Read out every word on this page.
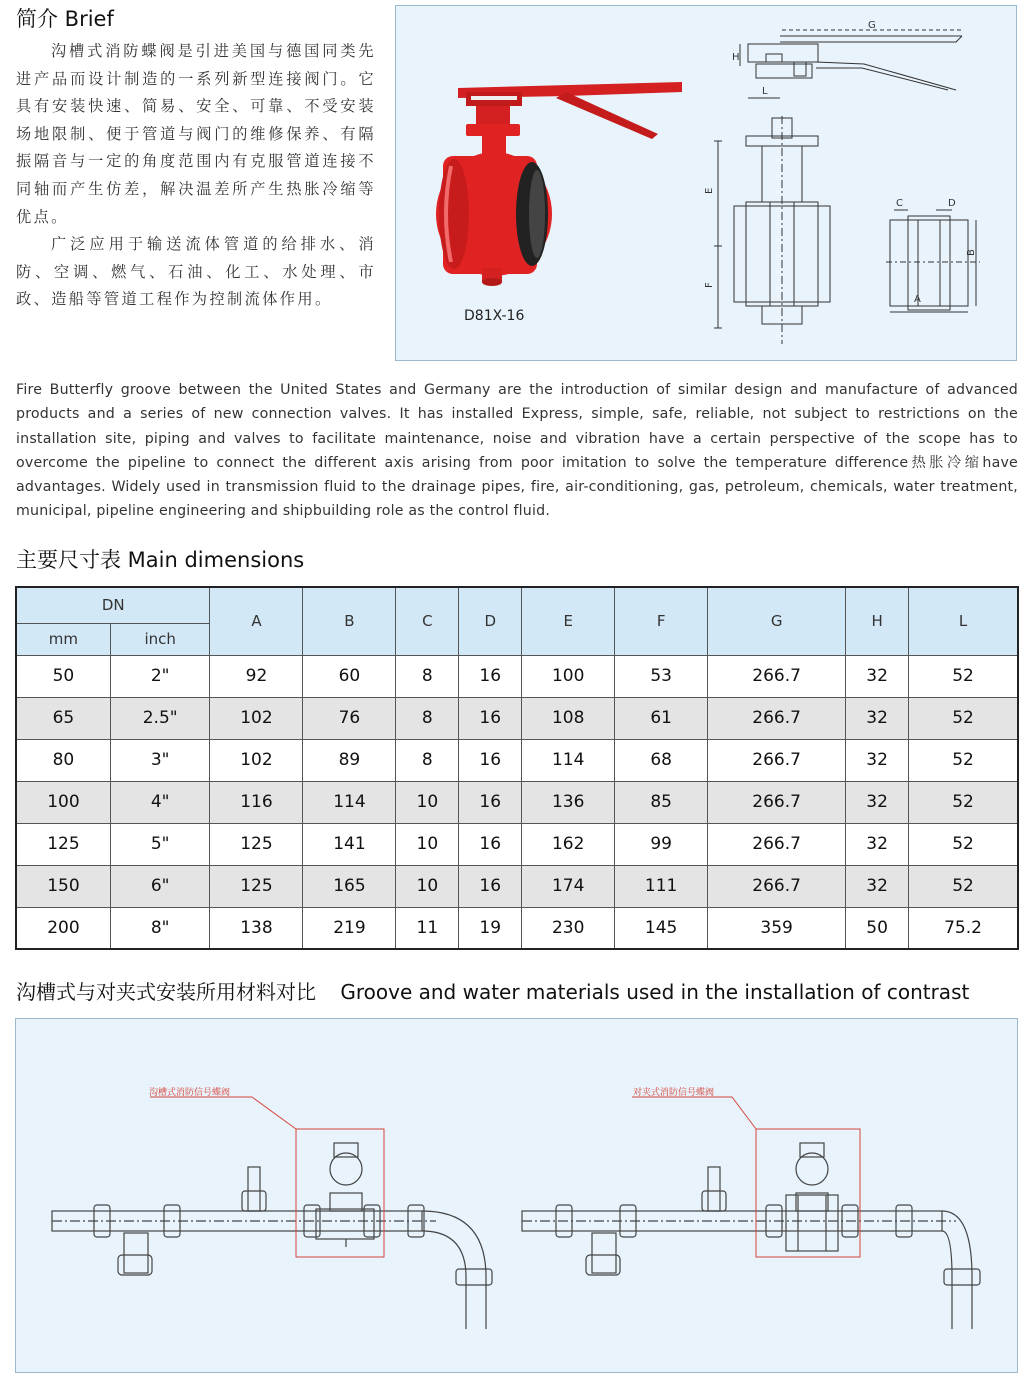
简介 Brief

沟槽式消防蝶阀是引进美国与德国同类先进产品而设计制造的一系列新型连接阀门。它具有安装快速、简易、安全、可靠、不受安装场地限制、便于管道与阀门的维修保养、有隔振隔音与一定的角度范围内有克服管道连接不同轴而产生仿差，解决温差所产生热胀冷缩等优点。

广泛应用于输送流体管道的给排水、消防、空调、燃气、石油、化工、水处理、市政、造船等管道工程作为控制流体作用。

G
H
L
E
F
C	D
B
A
D81X-16
Fire Butterfly groove between the United States and Germany are the introduction of similar design and manufacture of advanced products and a series of new connection valves. It has installed Express, simple, safe, reliable, not subject to restrictions on the installation site, piping and valves to facilitate maintenance, noise and vibration have a certain perspective of the scope has to overcome the pipeline to connect the different axis arising from poor imitation to solve the temperature difference热胀冷缩have advantages. Widely used in transmission fluid to the drainage pipes, fire, air-conditioning, gas, petroleum, chemicals, water treatment, municipal, pipeline engineering and shipbuilding role as the control fluid.
主要尺寸表 Main dimensions
DN		A	B	C	D	E	F	G	H	L
mm	inch									
50	2"	92	60	8	16	100	53	266.7	32	52
65	2.5"	102	76	8	16	108	61	266.7	32	52
80	3"	102	89	8	16	114	68	266.7	32	52
100	4"	116	114	10	16	136	85	266.7	32	52
125	5"	125	141	10	16	162	99	266.7	32	52
150	6"	125	165	10	16	174	111	266.7	32	52
200	8"	138	219	11	19	230	145	359	50	75.2
沟槽式与对夹式安装所用材料对比 Groove and water materials used in the installation of contrast
沟槽式消防信号蝶阀	对夹式消防信号蝶阀
